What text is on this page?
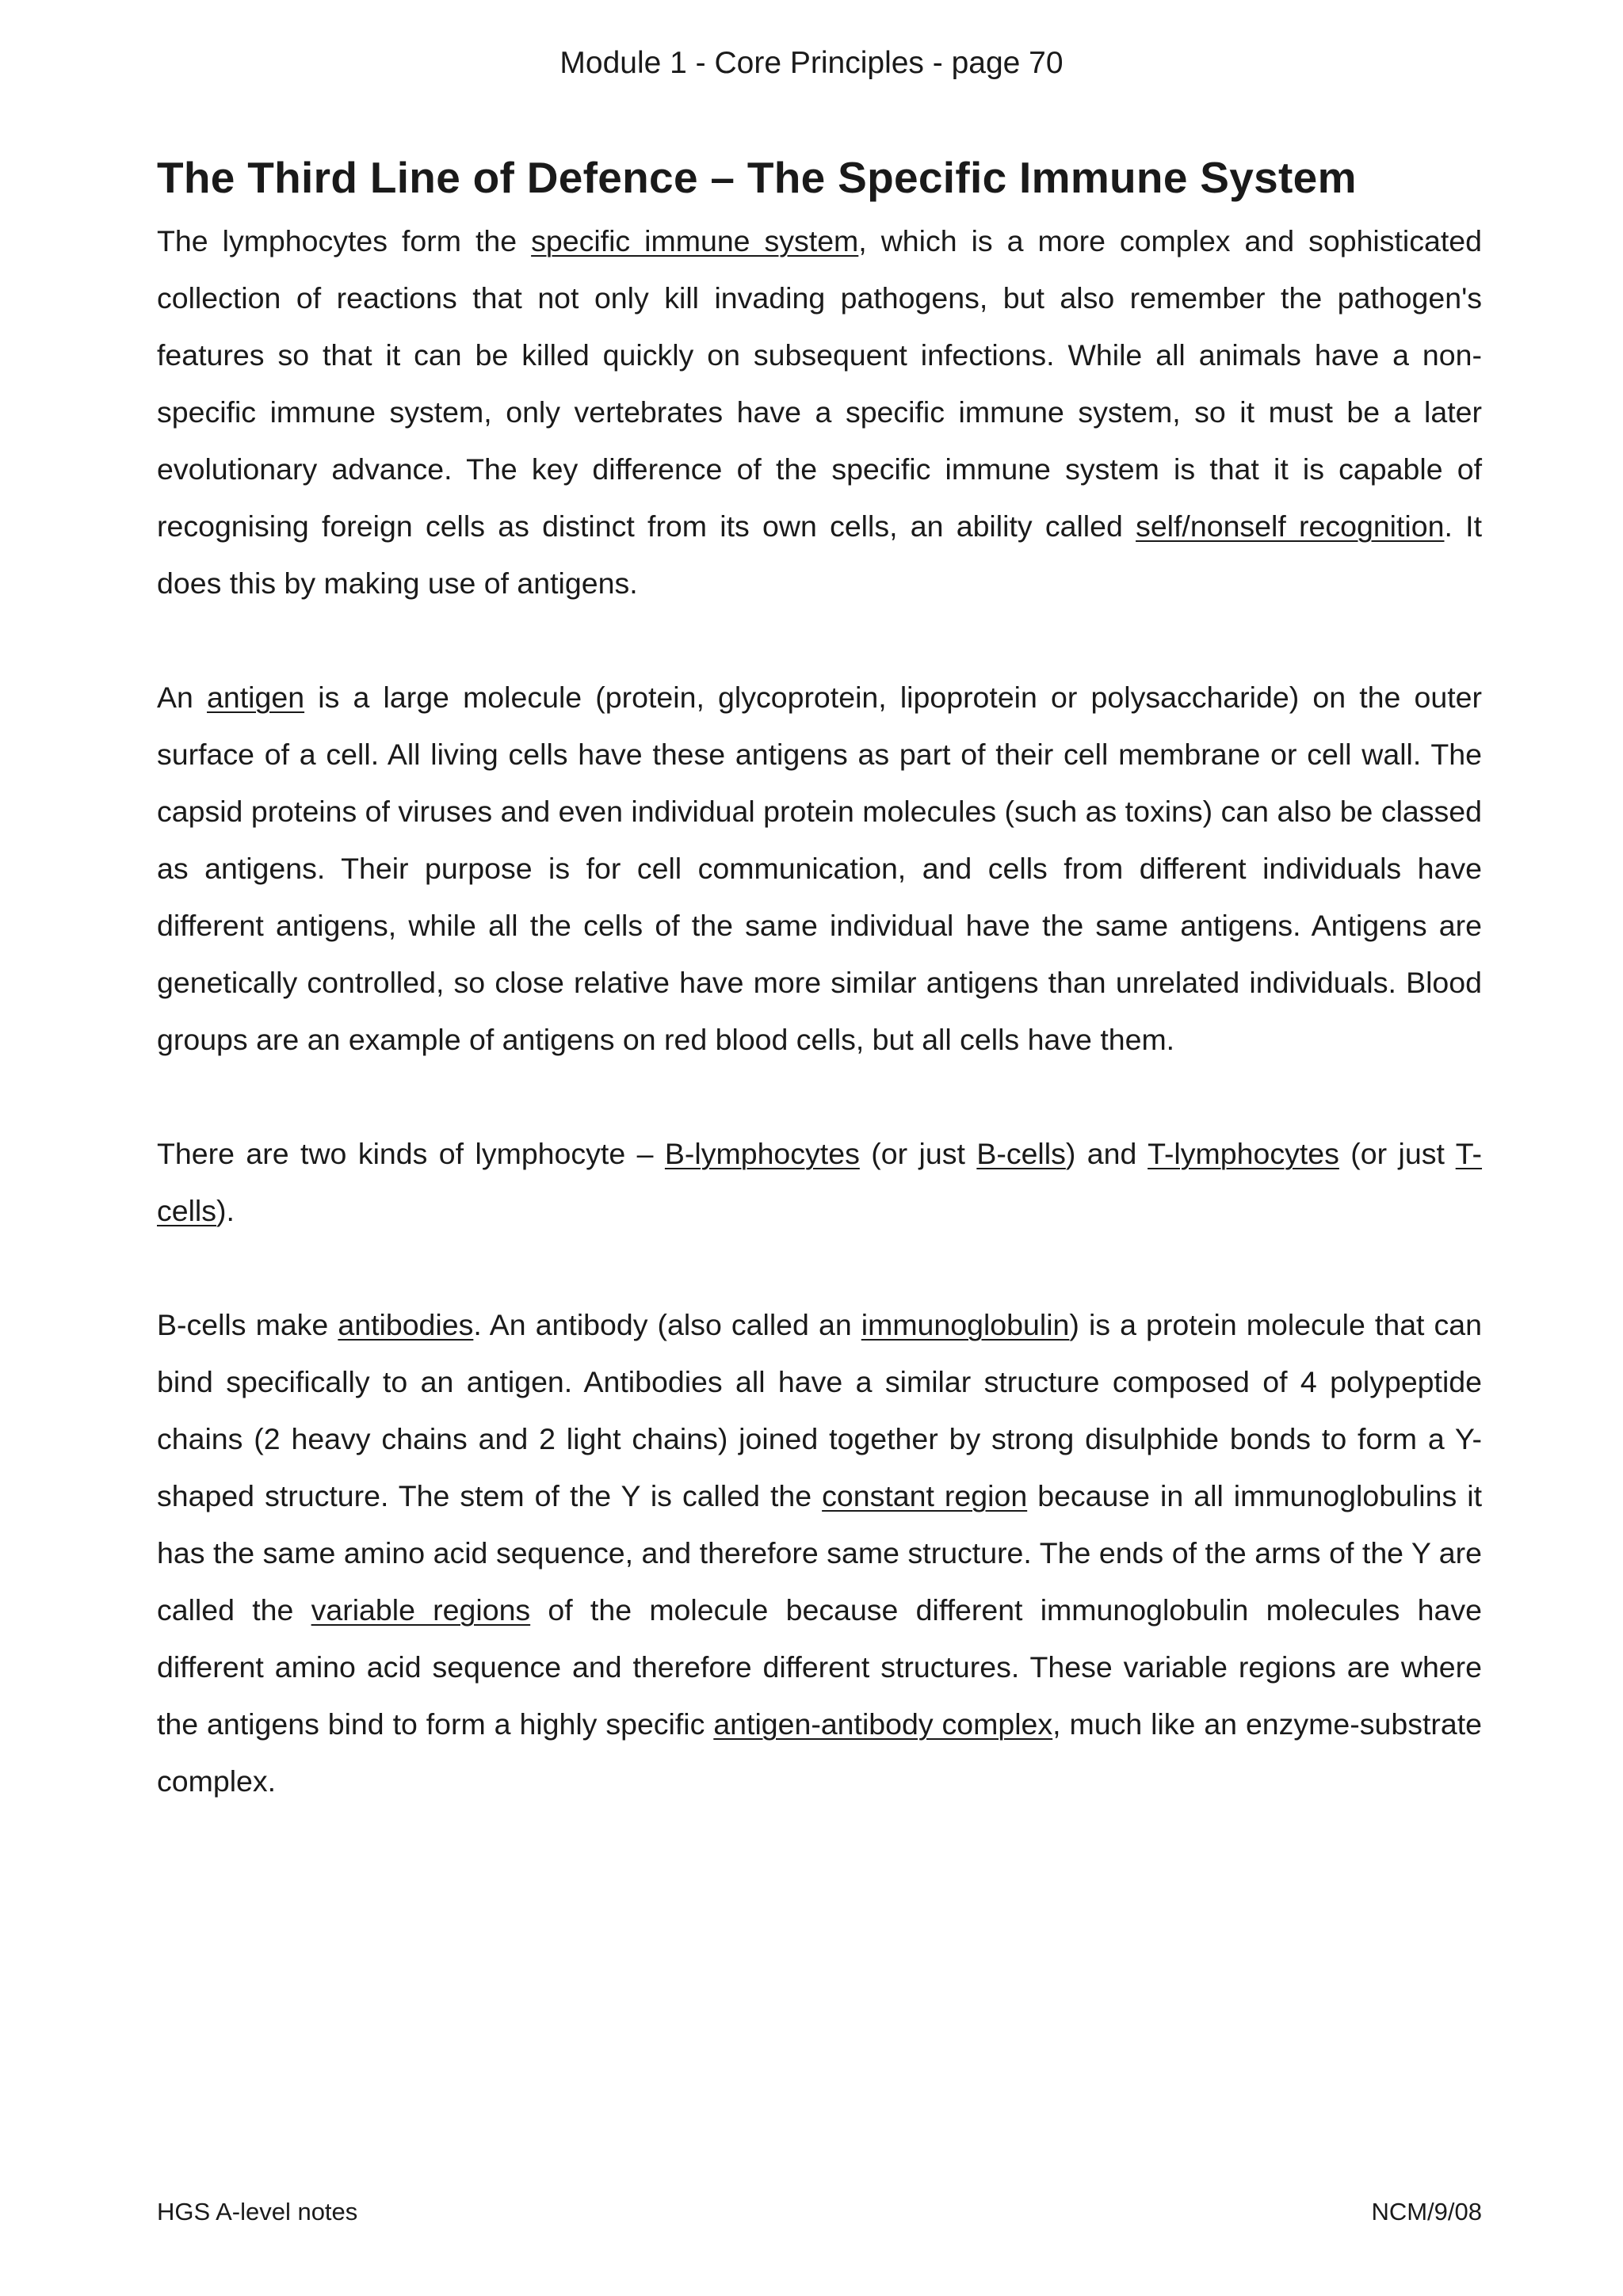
Module 1 - Core Principles - page 70
The Third Line of Defence – The Specific Immune System

The lymphocytes form the specific immune system, which is a more complex and sophisticated collection of reactions that not only kill invading pathogens, but also remember the pathogen's features so that it can be killed quickly on subsequent infections. While all animals have a non-specific immune system, only vertebrates have a specific immune system, so it must be a later evolutionary advance. The key difference of the specific immune system is that it is capable of recognising foreign cells as distinct from its own cells, an ability called self/nonself recognition. It does this by making use of antigens.

An antigen is a large molecule (protein, glycoprotein, lipoprotein or polysaccharide) on the outer surface of a cell. All living cells have these antigens as part of their cell membrane or cell wall. The capsid proteins of viruses and even individual protein molecules (such as toxins) can also be classed as antigens. Their purpose is for cell communication, and cells from different individuals have different antigens, while all the cells of the same individual have the same antigens. Antigens are genetically controlled, so close relative have more similar antigens than unrelated individuals. Blood groups are an example of antigens on red blood cells, but all cells have them.

There are two kinds of lymphocyte – B-lymphocytes (or just B-cells) and T-lymphocytes (or just T-cells).

B-cells make antibodies. An antibody (also called an immunoglobulin) is a protein molecule that can bind specifically to an antigen. Antibodies all have a similar structure composed of 4 polypeptide chains (2 heavy chains and 2 light chains) joined together by strong disulphide bonds to form a Y-shaped structure. The stem of the Y is called the constant region because in all immunoglobulins it has the same amino acid sequence, and therefore same structure. The ends of the arms of the Y are called the variable regions of the molecule because different immunoglobulin molecules have different amino acid sequence and therefore different structures. These variable regions are where the antigens bind to form a highly specific antigen-antibody complex, much like an enzyme-substrate complex.

HGS A-level notes	NCM/9/08
